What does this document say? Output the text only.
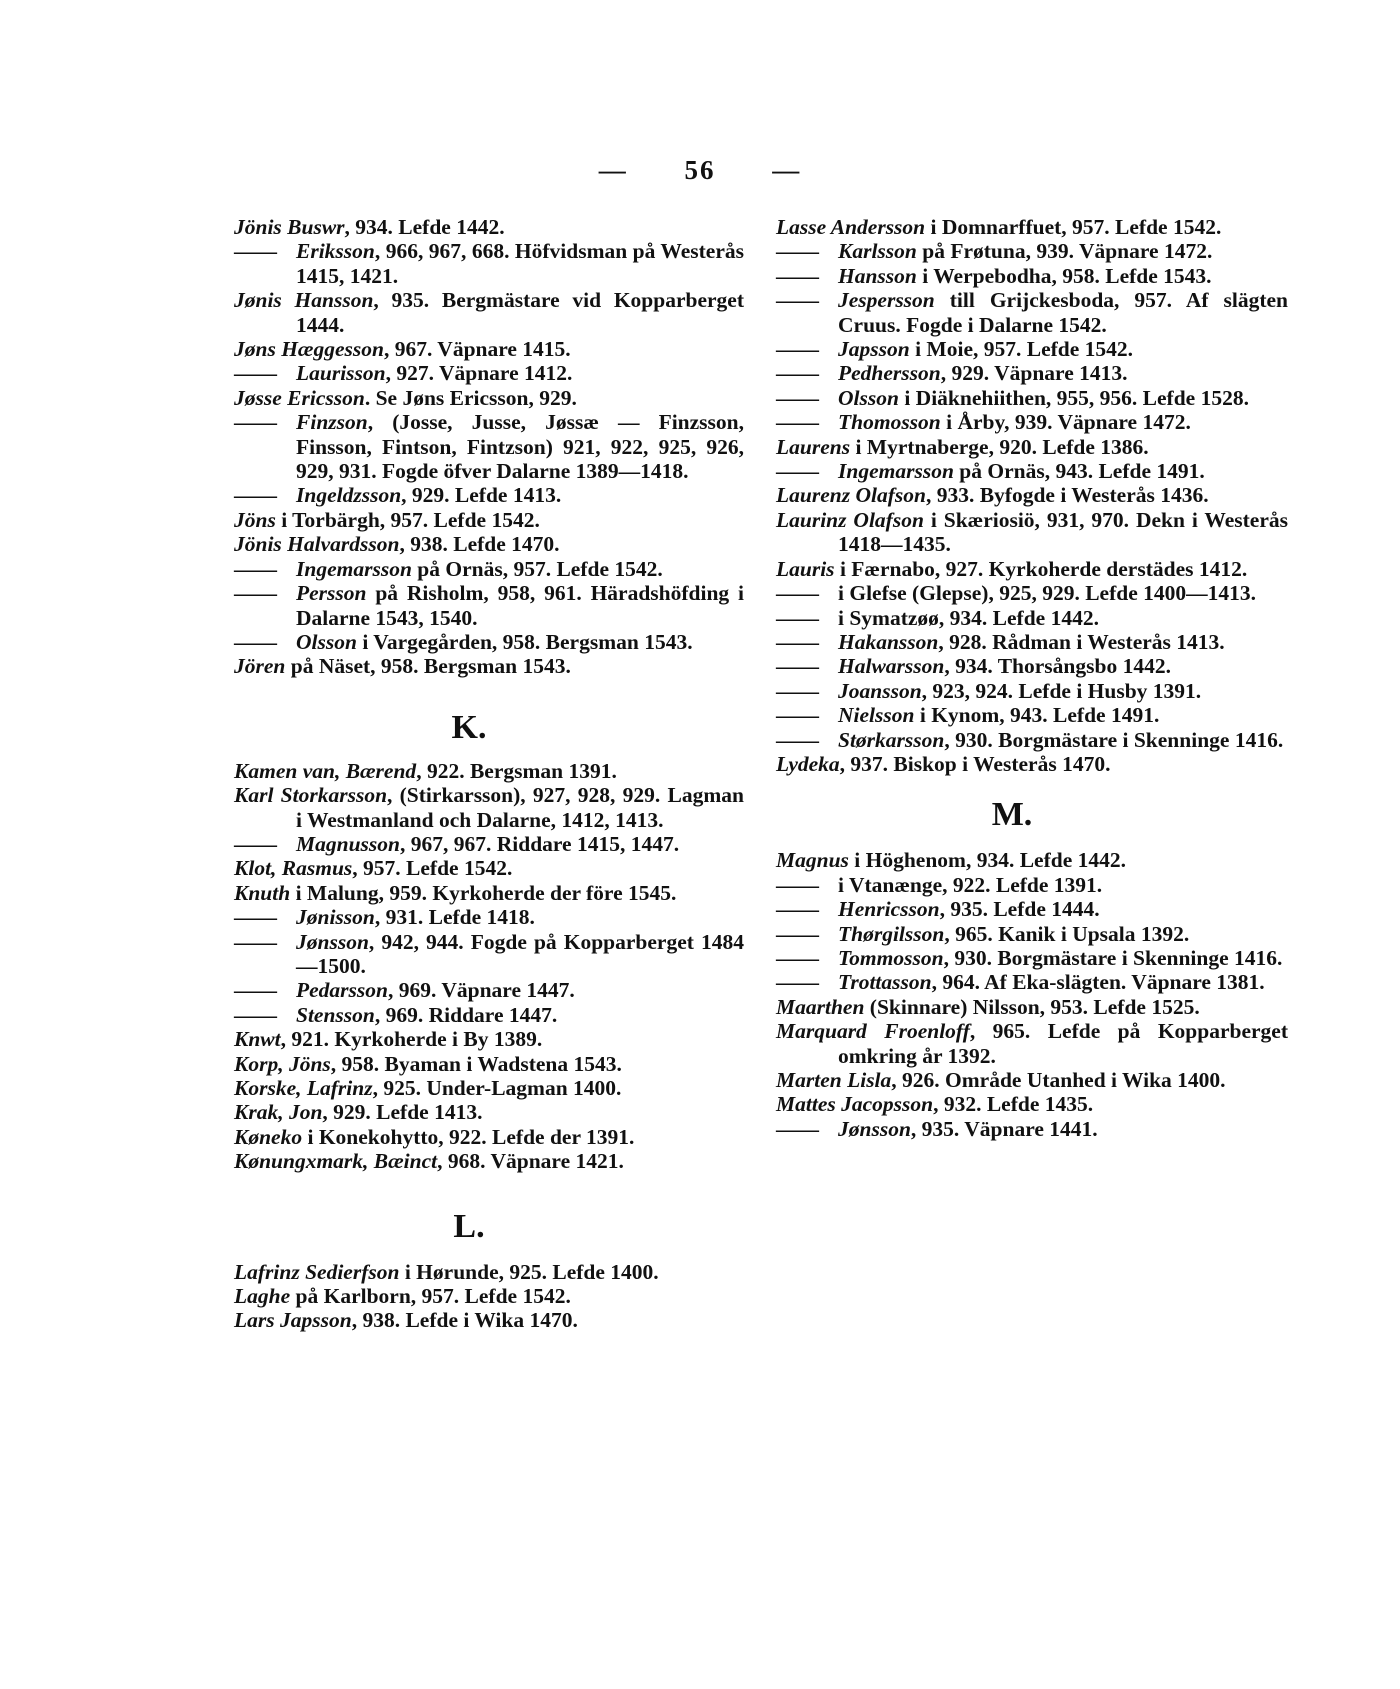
— 56 —
Jönis Buswr, 934. Lefde 1442.
—— Eriksson, 966, 967, 668. Höfvidsman på Westerås 1415, 1421.
Jønis Hansson, 935. Bergmästare vid Kopparberget 1444.
Jøns Hæggesson, 967. Väpnare 1415.
—— Laurisson, 927. Väpnare 1412.
Jøsse Ericsson. Se Jøns Ericsson, 929.
—— Finzson, (Josse, Jusse, Jøssæ — Finzsson, Finsson, Fintson, Fintzson) 921, 922, 925, 926, 929, 931. Fogde öfver Dalarne 1389—1418.
—— Ingeldzsson, 929. Lefde 1413.
Jöns i Torbärgh, 957. Lefde 1542.
Jönis Halvardsson, 938. Lefde 1470.
—— Ingemarsson på Ornäs, 957. Lefde 1542.
—— Persson på Risholm, 958, 961. Häradshöfding i Dalarne 1543, 1540.
—— Olsson i Vargegården, 958. Bergsman 1543.
Jören på Näset, 958. Bergsman 1543.
K.
Kamen van, Bærend, 922. Bergsman 1391.
Karl Storkarsson, (Stirkarsson), 927, 928, 929. Lagman i Westmanland och Dalarne, 1412, 1413.
—— Magnusson, 967, 967. Riddare 1415, 1447.
Klot, Rasmus, 957. Lefde 1542.
Knuth i Malung, 959. Kyrkoherde der före 1545.
—— Jønisson, 931. Lefde 1418.
—— Jønsson, 942, 944. Fogde på Kopparberget 1484—1500.
—— Pedarsson, 969. Väpnare 1447.
—— Stensson, 969. Riddare 1447.
Knwt, 921. Kyrkoherde i By 1389.
Korp, Jöns, 958. Byaman i Wadstena 1543.
Korske, Lafrinz, 925. Under-Lagman 1400.
Krak, Jon, 929. Lefde 1413.
Køneko i Konekohytto, 922. Lefde der 1391.
Kønungxmark, Bæinct, 968. Väpnare 1421.
L.
Lafrinz Sedierfson i Hørunde, 925. Lefde 1400.
Laghe på Karlborn, 957. Lefde 1542.
Lars Japsson, 938. Lefde i Wika 1470.
Lasse Andersson i Domnarffuet, 957. Lefde 1542.
—— Karlsson på Frøtuna, 939. Väpnare 1472.
—— Hansson i Werpebodha, 958. Lefde 1543.
—— Jespersson till Grijckesboda, 957. Af slägten Cruus. Fogde i Dalarne 1542.
—— Japsson i Moie, 957. Lefde 1542.
—— Pedhersson, 929. Väpnare 1413.
—— Olsson i Diäknehiithen, 955, 956. Lefde 1528.
—— Thomosson i Årby, 939. Väpnare 1472.
Laurens i Myrtnaberge, 920. Lefde 1386.
—— Ingemarsson på Ornäs, 943. Lefde 1491.
Laurenz Olafson, 933. Byfogde i Westerås 1436.
Laurinz Olafson i Skæriosiö, 931, 970. Dekn i Westerås 1418—1435.
Lauris i Færnabo, 927. Kyrkoherde derstädes 1412.
—— i Glefse (Glepse), 925, 929. Lefde 1400—1413.
—— i Symatzøø, 934. Lefde 1442.
—— Hakansson, 928. Rådman i Westerås 1413.
—— Halwarsson, 934. Thorsångsbo 1442.
—— Joansson, 923, 924. Lefde i Husby 1391.
—— Nielsson i Kynom, 943. Lefde 1491.
—— Størkarsson, 930. Borgmästare i Skenninge 1416.
Lydeka, 937. Biskop i Westerås 1470.
M.
Magnus i Höghenom, 934. Lefde 1442.
—— i Vtanænge, 922. Lefde 1391.
—— Henricsson, 935. Lefde 1444.
—— Thørgilsson, 965. Kanik i Upsala 1392.
—— Tommosson, 930. Borgmästare i Skenninge 1416.
—— Trottasson, 964. Af Eka-slägten. Väpnare 1381.
Maarthen (Skinnare) Nilsson, 953. Lefde 1525.
Marquard Froenloff, 965. Lefde på Kopparberget omkring år 1392.
Marten Lisla, 926. Område Utanhed i Wika 1400.
Mattes Jacopsson, 932. Lefde 1435.
—— Jønsson, 935. Väpnare 1441.
